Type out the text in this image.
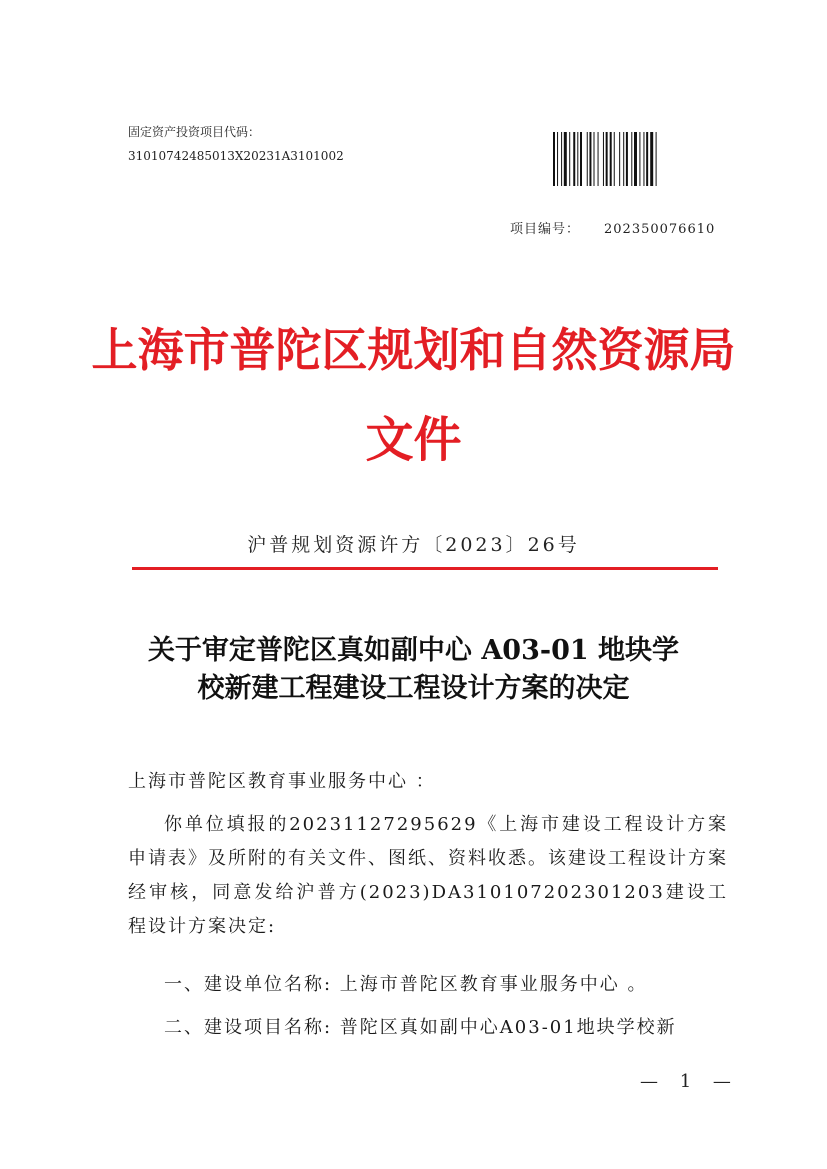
固定资产投资项目代码：
31010742485013X20231A3101002
项目编号： 202350076610
上海市普陀区规划和自然资源局
文件
沪普规划资源许方〔2023〕26号
关于审定普陀区真如副中心 A03-01 地块学
校新建工程建设工程设计方案的决定
上海市普陀区教育事业服务中心 ：
你单位填报的20231127295629《上海市建设工程设计方案申请表》及所附的有关文件、图纸、资料收悉。该建设工程设计方案经审核，同意发给沪普方(2023)DA310107202301203建设工程设计方案决定:
一、建设单位名称: 上海市普陀区教育事业服务中心 。
二、建设项目名称: 普陀区真如副中心A03-01地块学校新
— 1 —
